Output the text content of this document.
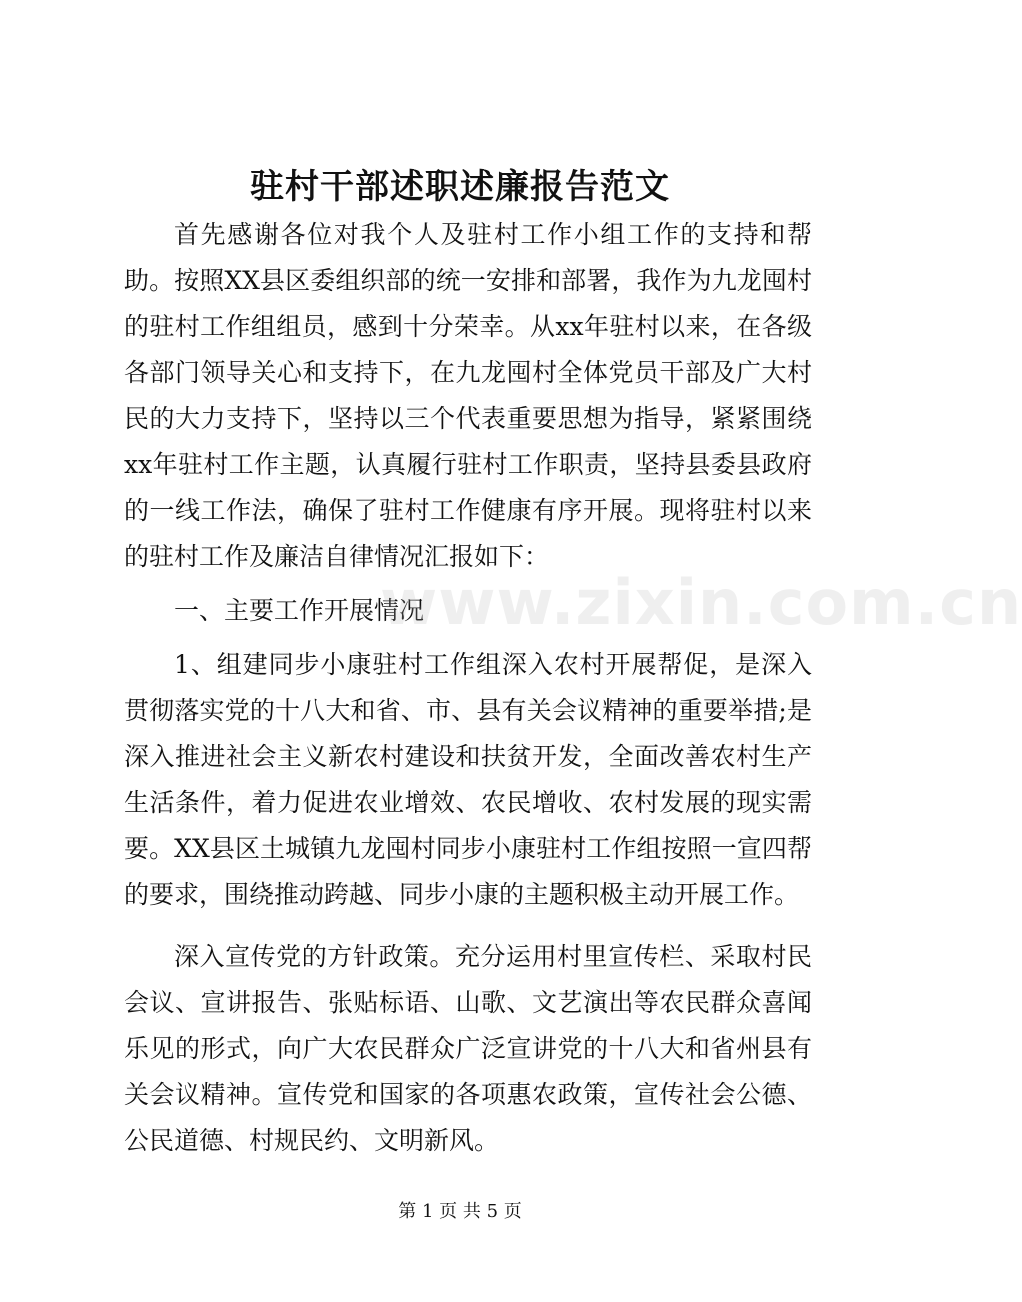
驻村干部述职述廉报告范文

首先感谢各位对我个人及驻村工作小组工作的支持和帮助。按照XX县区委组织部的统一安排和部署，我作为九龙囤村的驻村工作组组员，感到十分荣幸。从xx年驻村以来，在各级各部门领导关心和支持下，在九龙囤村全体党员干部及广大村民的大力支持下，坚持以三个代表重要思想为指导，紧紧围绕xx年驻村工作主题，认真履行驻村工作职责，坚持县委县政府的一线工作法，确保了驻村工作健康有序开展。现将驻村以来的驻村工作及廉洁自律情况汇报如下：

一、主要工作开展情况

1、组建同步小康驻村工作组深入农村开展帮促，是深入贯彻落实党的十八大和省、市、县有关会议精神的重要举措;是深入推进社会主义新农村建设和扶贫开发，全面改善农村生产生活条件，着力促进农业增效、农民增收、农村发展的现实需要。XX县区土城镇九龙囤村同步小康驻村工作组按照一宣四帮的要求，围绕推动跨越、同步小康的主题积极主动开展工作。

深入宣传党的方针政策。充分运用村里宣传栏、采取村民会议、宣讲报告、张贴标语、山歌、文艺演出等农民群众喜闻乐见的形式，向广大农民群众广泛宣讲党的十八大和省州县有关会议精神。宣传党和国家的各项惠农政策，宣传社会公德、公民道德、村规民约、文明新风。

www.zixin.com.cn
第 1 页 共 5 页
